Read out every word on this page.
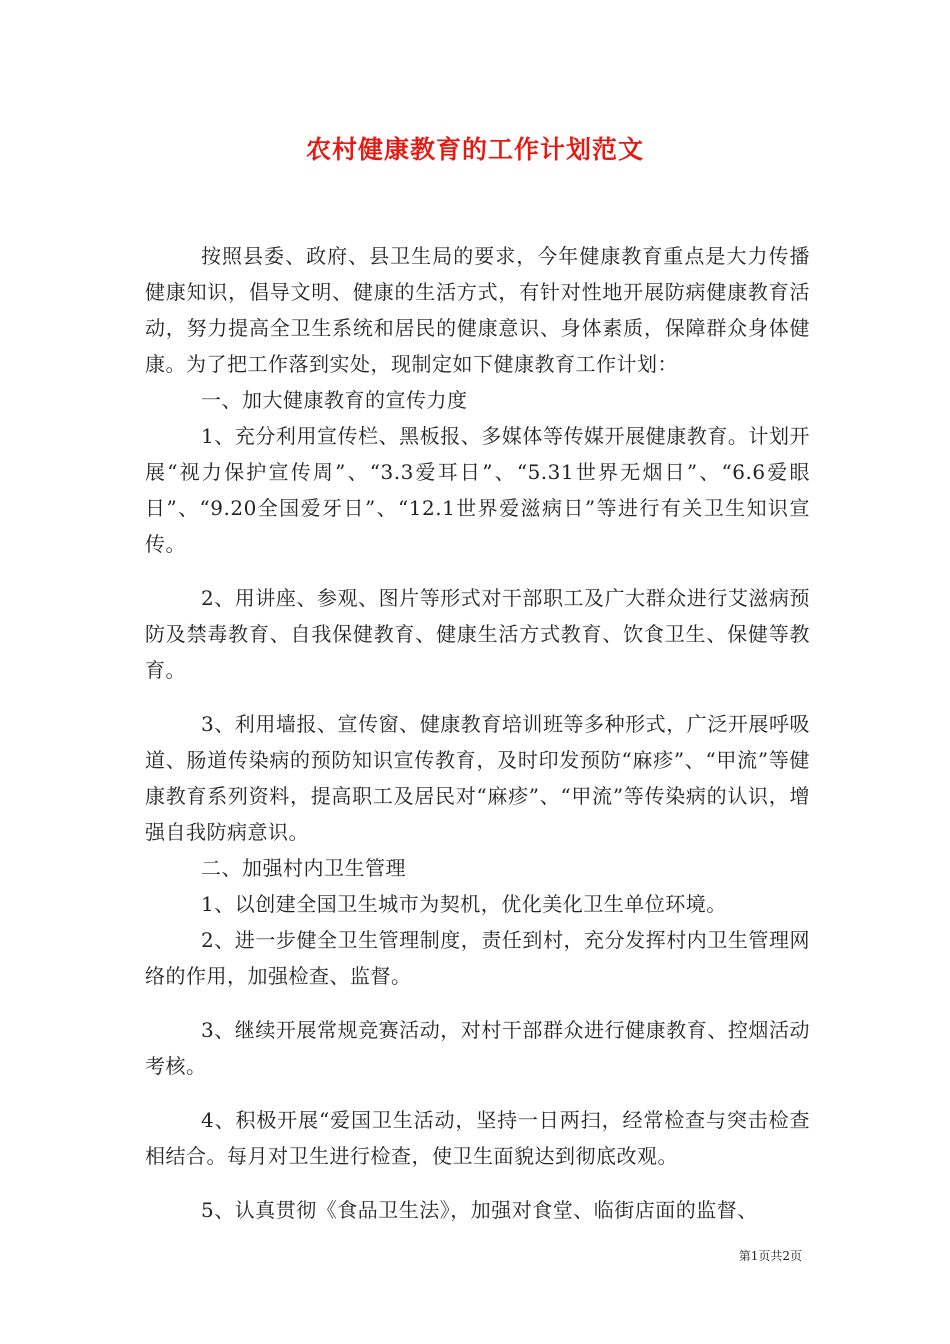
农村健康教育的工作计划范文

按照县委、政府、县卫生局的要求，今年健康教育重点是大力传播健康知识，倡导文明、健康的生活方式，有针对性地开展防病健康教育活动，努力提高全卫生系统和居民的健康意识、身体素质，保障群众身体健康。为了把工作落到实处，现制定如下健康教育工作计划：

一、加大健康教育的宣传力度

1、充分利用宣传栏、黑板报、多媒体等传媒开展健康教育。计划开展“视力保护宣传周”、“3.3爱耳日”、“5.31世界无烟日”、“6.6爱眼日”、“9.20全国爱牙日”、“12.1世界爱滋病日”等进行有关卫生知识宣传。

2、用讲座、参观、图片等形式对干部职工及广大群众进行艾滋病预防及禁毒教育、自我保健教育、健康生活方式教育、饮食卫生、保健等教育。

3、利用墙报、宣传窗、健康教育培训班等多种形式，广泛开展呼吸道、肠道传染病的预防知识宣传教育，及时印发预防“麻疹”、“甲流”等健康教育系列资料，提高职工及居民对“麻疹”、“甲流”等传染病的认识，增强自我防病意识。

二、加强村内卫生管理

1、以创建全国卫生城市为契机，优化美化卫生单位环境。

2、进一步健全卫生管理制度，责任到村，充分发挥村内卫生管理网络的作用，加强检查、监督。

3、继续开展常规竞赛活动，对村干部群众进行健康教育、控烟活动考核。

4、积极开展“爱国卫生活动，坚持一日两扫，经常检查与突击检查相结合。每月对卫生进行检查，使卫生面貌达到彻底改观。

5、认真贯彻《食品卫生法》，加强对食堂、临街店面的监督、

第1页共2页
